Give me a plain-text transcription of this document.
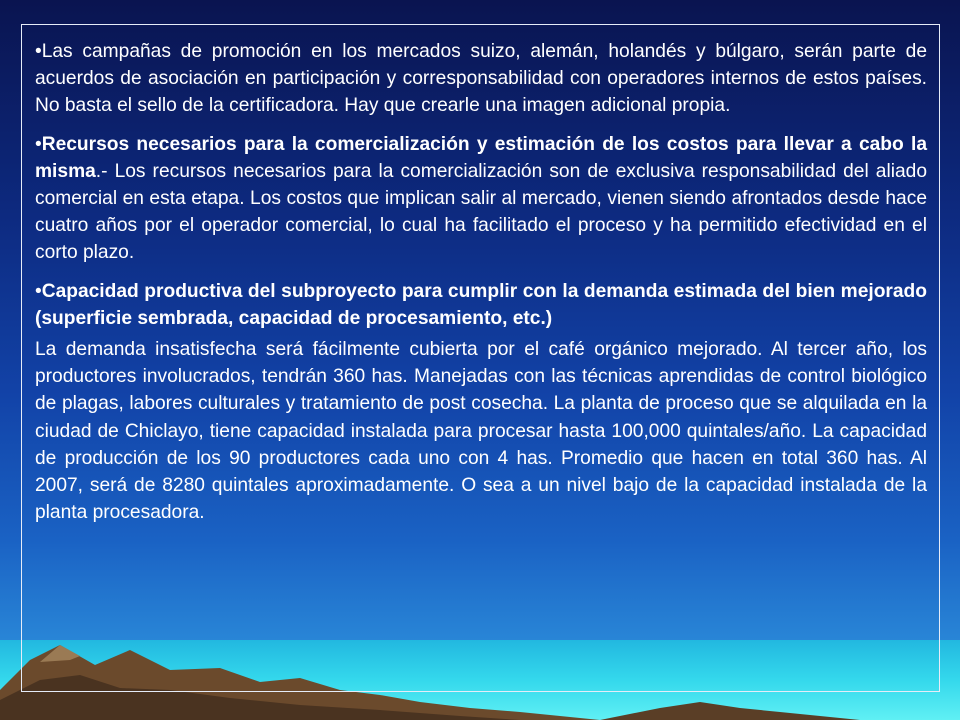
•Las campañas de promoción en los mercados suizo, alemán, holandés y búlgaro, serán parte de acuerdos de asociación en participación y corresponsabilidad con operadores internos de estos países. No basta el sello de la certificadora. Hay que crearle una imagen adicional propia.

•Recursos necesarios para la comercialización y estimación de los costos para llevar a cabo la misma.- Los recursos necesarios para la comercialización son de exclusiva responsabilidad del aliado comercial en esta etapa. Los costos que implican salir al mercado, vienen siendo afrontados desde hace cuatro años por el operador comercial, lo cual ha facilitado el proceso y ha permitido efectividad en el corto plazo.

•Capacidad productiva del subproyecto para cumplir con la demanda estimada del bien mejorado (superficie sembrada, capacidad de procesamiento, etc.)

La demanda insatisfecha será fácilmente cubierta por el café orgánico mejorado. Al tercer año, los productores involucrados, tendrán 360 has. Manejadas con las técnicas aprendidas de control biológico de plagas, labores culturales y tratamiento de post cosecha. La planta de proceso que se alquilada en la ciudad de Chiclayo, tiene capacidad instalada para procesar hasta 100,000 quintales/año. La capacidad de producción de los 90 productores cada uno con 4 has. Promedio que hacen en total 360 has. Al 2007, será de 8280 quintales aproximadamente. O sea a un nivel bajo de la capacidad instalada de la planta procesadora.
